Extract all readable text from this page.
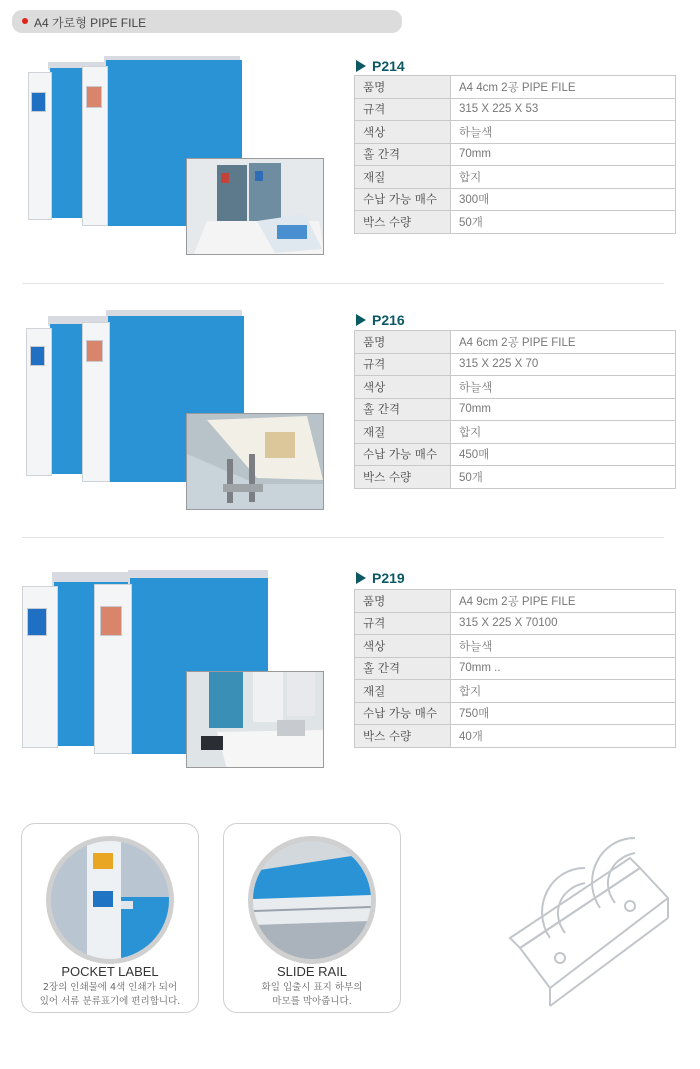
A4 가로형 PIPE FILE
P214
품명	A4 4cm 2공 PIPE FILE
규격	315 X 225 X 53
색상	하늘색
홀 간격	70mm
재질	합지
수납 가능 매수	300매
박스 수량	50개
P216
품명	A4 6cm 2공 PIPE FILE
규격	315 X 225 X 70
색상	하늘색
홀 간격	70mm
재질	합지
수납 가능 매수	450매
박스 수량	50개
P219
품명	A4 9cm 2공 PIPE FILE
규격	315 X 225 X 70100
색상	하늘색
홀 간격	70mm ..
재질	합지
수납 가능 매수	750매
박스 수량	40개
POCKET LABEL
2장의 인쇄물에 4색 인쇄가 되어
있어 서류 분류표기에 편리합니다.
SLIDE RAIL
화일 입출시 표지 하부의
마모를 막아줍니다.
